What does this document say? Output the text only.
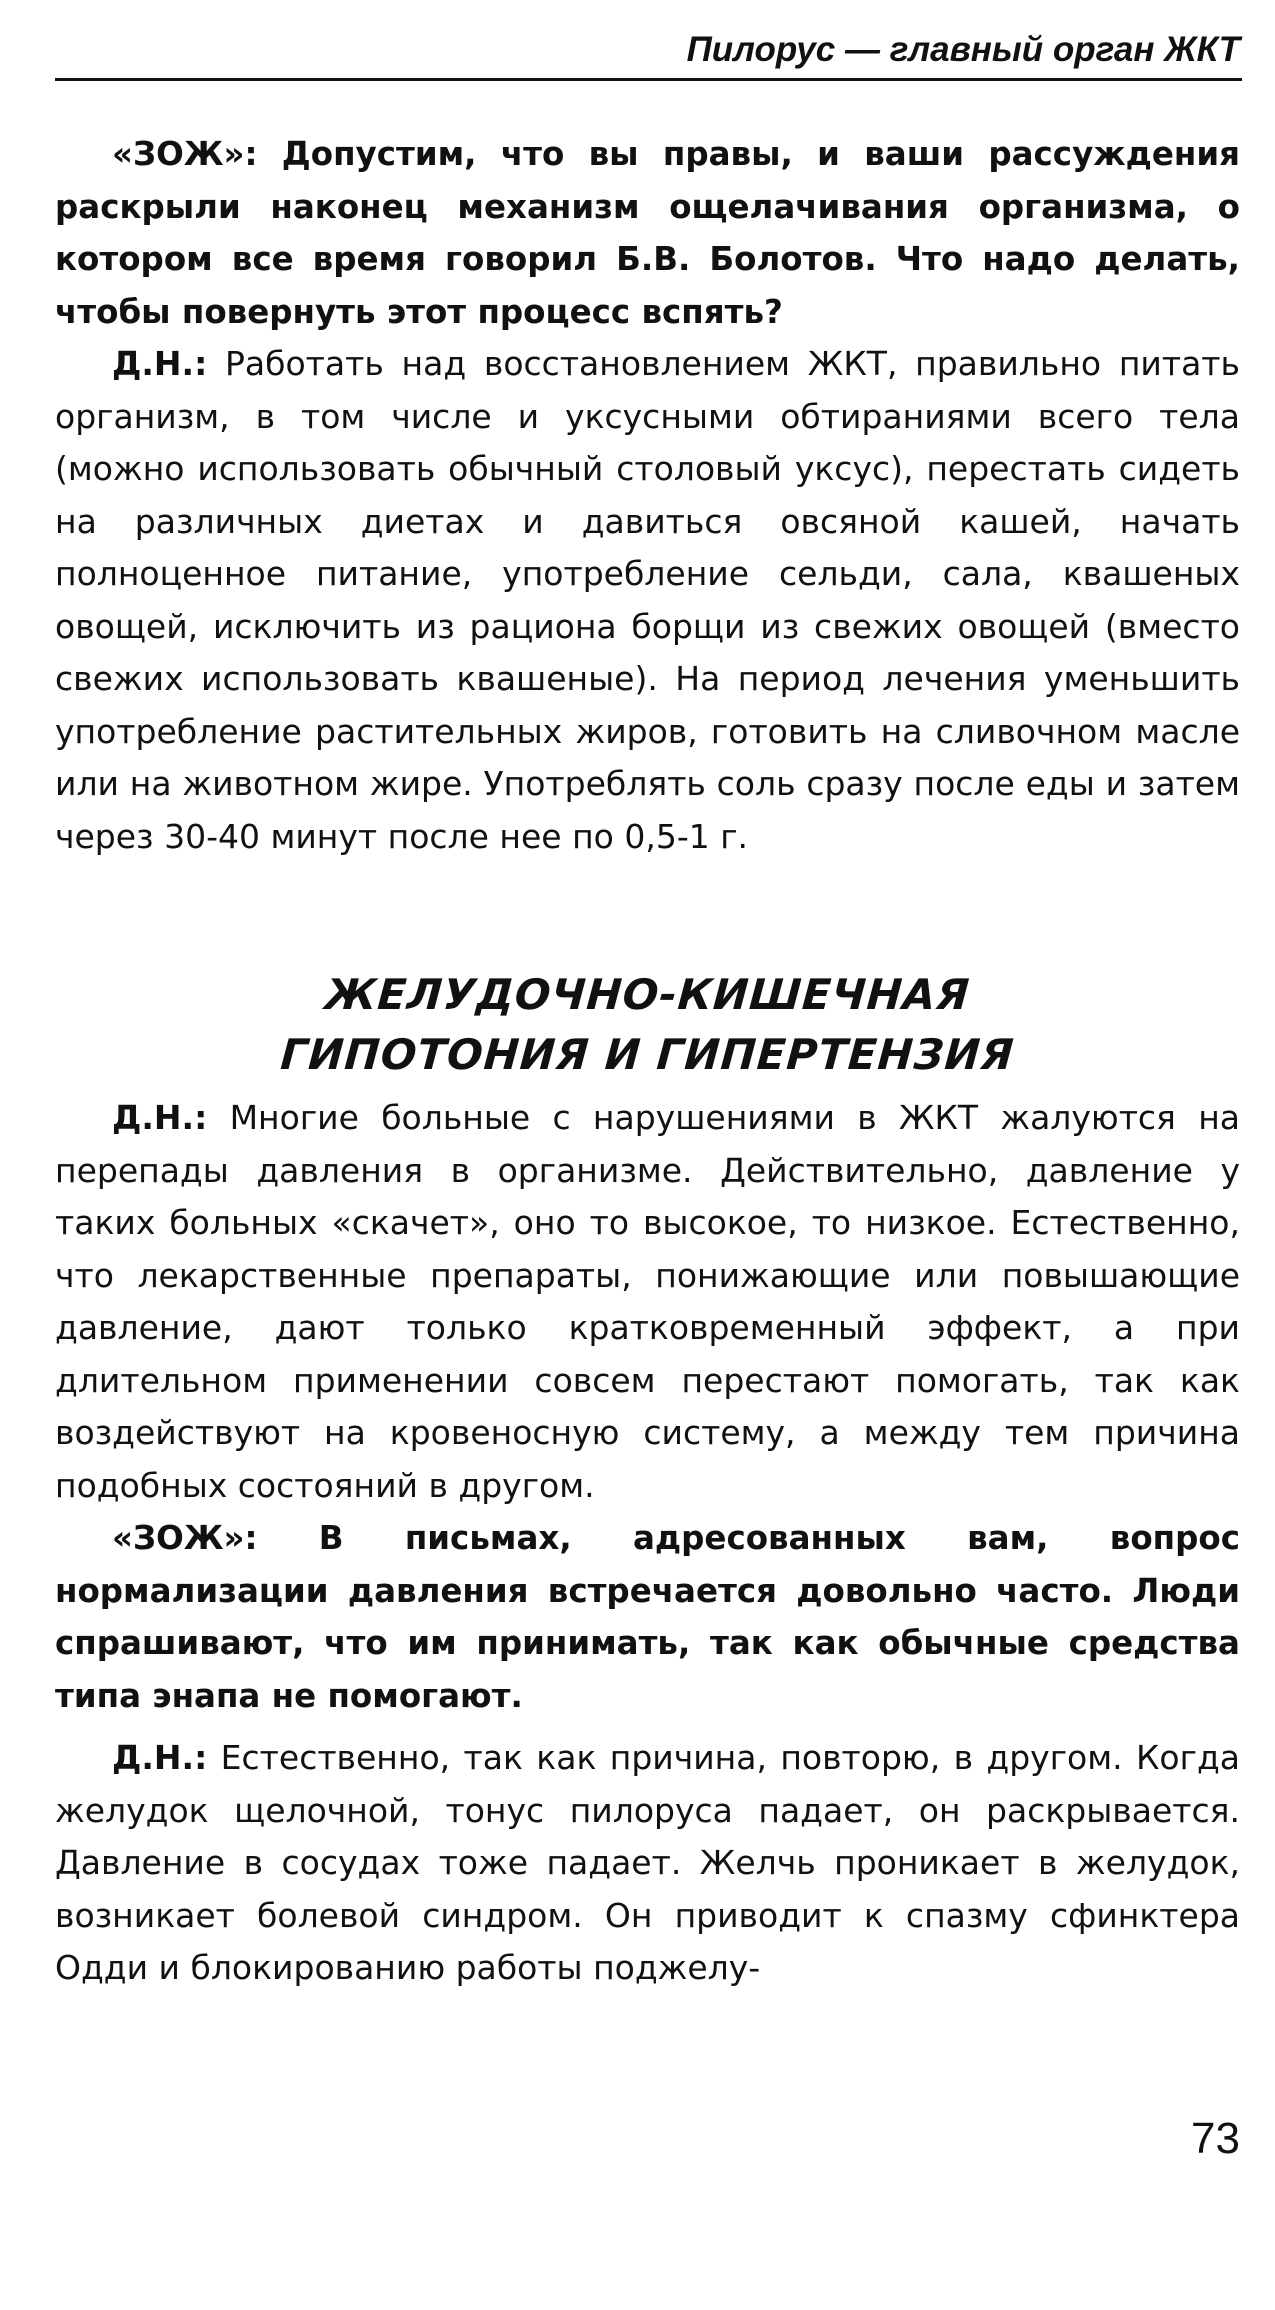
Пилорус — главный орган ЖКТ

«ЗОЖ»: Допустим, что вы правы, и ваши рассуждения раскрыли наконец механизм ощелачивания организма, о котором все время говорил Б.В. Болотов. Что надо делать, чтобы повернуть этот процесс вспять?

Д.Н.: Работать над восстановлением ЖКТ, правильно питать организм, в том числе и уксусными обтираниями всего тела (можно использовать обычный столовый уксус), перестать сидеть на различных диетах и давиться овсяной кашей, начать полноценное питание, употребление сельди, сала, квашеных овощей, исключить из рациона борщи из свежих овощей (вместо свежих использовать квашеные). На период лечения уменьшить употребление растительных жиров, готовить на сливочном масле или на животном жире. Употреблять соль сразу после еды и затем через 30-40 минут после нее по 0,5-1 г.

ЖЕЛУДОЧНО-КИШЕЧНАЯ
ГИПОТОНИЯ И ГИПЕРТЕНЗИЯ

Д.Н.: Многие больные с нарушениями в ЖКТ жалуются на перепады давления в организме. Действительно, давление у таких больных «скачет», оно то высокое, то низкое. Естественно, что лекарственные препараты, понижающие или повышающие давление, дают только кратковременный эффект, а при длительном применении совсем перестают помогать, так как воздействуют на кровеносную систему, а между тем причина подобных состояний в другом.

«ЗОЖ»: В письмах, адресованных вам, вопрос нормализации давления встречается довольно часто. Люди спрашивают, что им принимать, так как обычные средства типа энапа не помогают.

Д.Н.: Естественно, так как причина, повторю, в другом. Когда желудок щелочной, тонус пилоруса падает, он раскрывается. Давление в сосудах тоже падает. Желчь проникает в желудок, возникает болевой синдром. Он приводит к спазму сфинктера Одди и блокированию работы поджелу-

73
